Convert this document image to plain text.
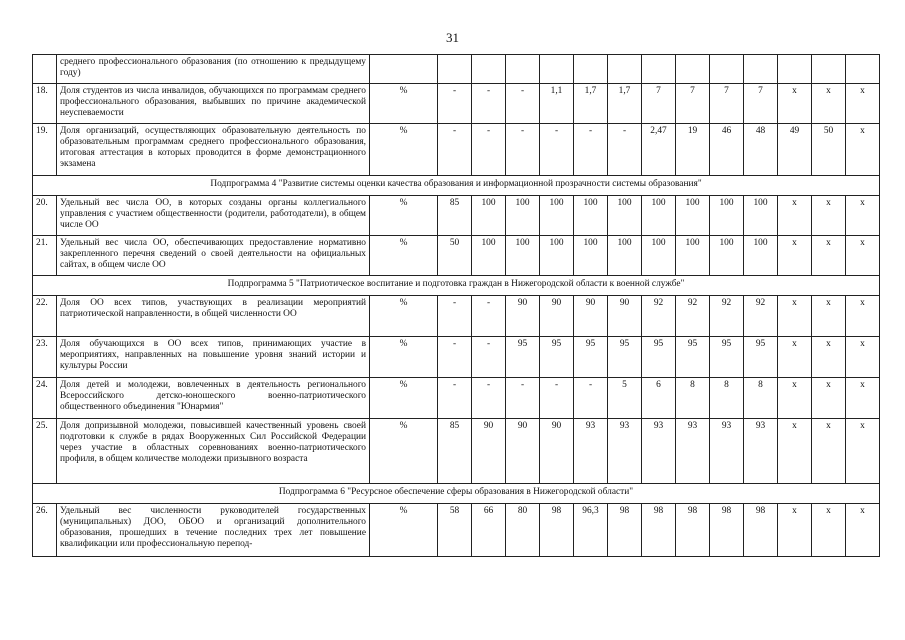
31
	среднего профессионального образования (по отношению к предыдущему году)														
18.	Доля студентов из числа инвалидов, обучающихся по программам среднего профессионального образования, выбывших по причине академической неуспеваемости	%	-	-	-	1,1	1,7	1,7	7	7	7	7	х	х	х
19.	Доля организаций, осуществляющих образовательную деятельность по образовательным программам среднего профессионального образования, итоговая аттестация в которых проводится в форме демонстрационного экзамена	%	-	-	-	-	-	-	2,47	19	46	48	49	50	х
Подпрограмма 4 "Развитие системы оценки качества образования и информационной прозрачности системы образования"															
20.	Удельный вес числа ОО, в которых созданы органы коллегиального управления с участием общественности (родители, работодатели), в общем числе ОО	%	85	100	100	100	100	100	100	100	100	100	х	х	х
21.	Удельный вес числа ОО, обеспечивающих предоставление нормативно закрепленного перечня сведений о своей деятельности на официальных сайтах, в общем числе ОО	%	50	100	100	100	100	100	100	100	100	100	х	х	х
Подпрограмма 5 "Патриотическое воспитание и подготовка граждан в Нижегородской области к военной службе"															
22.	Доля ОО всех типов, участвующих в реализации мероприятий патриотической направленности, в общей численности ОО	%	-	-	90	90	90	90	92	92	92	92	х	х	х
23.	Доля обучающихся в ОО всех типов, принимающих участие в мероприятиях, направленных на повышение уровня знаний истории и культуры России	%	-	-	95	95	95	95	95	95	95	95	х	х	х
24.	Доля детей и молодежи, вовлеченных в деятельность регионального Всероссийского детско-юношеского военно-патриотического общественного объединения "Юнармия"	%	-	-	-	-	-	5	6	8	8	8	х	х	х
25.	Доля допризывной молодежи, повысившей качественный уровень своей подготовки к службе в рядах Вооруженных Сил Российской Федерации через участие в областных соревнованиях военно-патриотического профиля, в общем количестве молодежи призывного возраста	%	85	90	90	90	93	93	93	93	93	93	х	х	х
Подпрограмма 6 "Ресурсное обеспечение сферы образования в Нижегородской области"															
26.	Удельный вес численности руководителей государственных (муниципальных) ДОО, ОБОО и организаций дополнительного образования, прошедших в течение последних трех лет повышение квалификации или профессиональную перепод-	%	58	66	80	98	96,3	98	98	98	98	98	х	х	х
